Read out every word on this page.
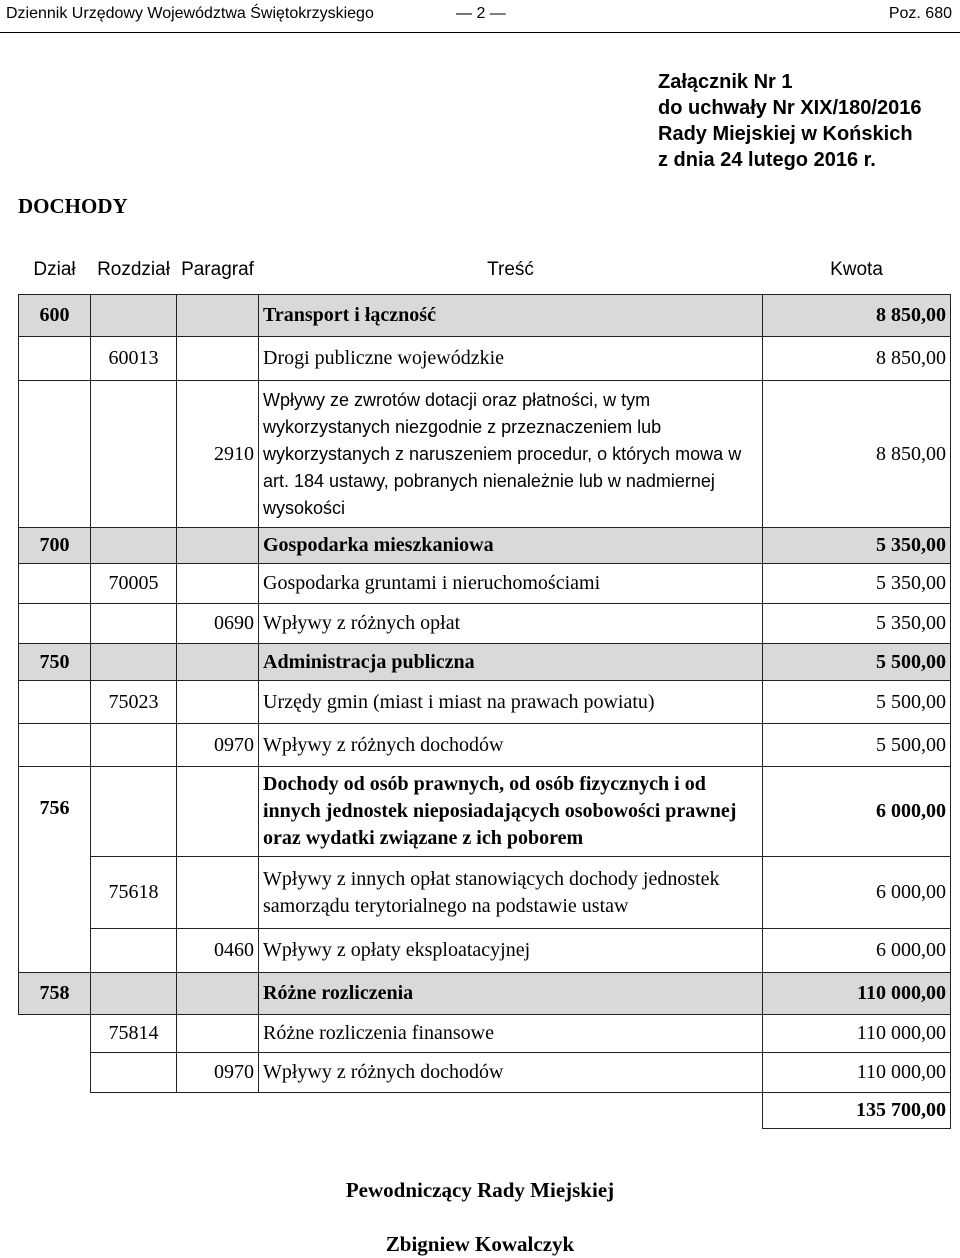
Dziennik Urzędowy Województwa Świętokrzyskiego	— 2 —	Poz. 680
Załącznik Nr 1
do uchwały Nr XIX/180/2016
Rady Miejskiej w Końskich
z dnia 24 lutego 2016 r.
DOCHODY
Dział	Rozdział	Paragraf	Treść	Kwota
600			Transport i łączność	8 850,00
	60013		Drogi publiczne wojewódzkie	8 850,00
		2910	Wpływy ze zwrotów dotacji oraz płatności, w tym wykorzystanych niezgodnie z przeznaczeniem lub wykorzystanych z naruszeniem procedur, o których mowa w art. 184 ustawy, pobranych nienależnie lub w nadmiernej wysokości	8 850,00
700			Gospodarka mieszkaniowa	5 350,00
	70005		Gospodarka gruntami i nieruchomościami	5 350,00
		0690	Wpływy z różnych opłat	5 350,00
750			Administracja publiczna	5 500,00
	75023		Urzędy gmin (miast i miast na prawach powiatu)	5 500,00
		0970	Wpływy z różnych dochodów	5 500,00
756			Dochody od osób prawnych, od osób fizycznych i od innych jednostek nieposiadających osobowości prawnej oraz wydatki związane z ich poborem	6 000,00
	75618		Wpływy z innych opłat stanowiących dochody jednostek samorządu terytorialnego na podstawie ustaw	6 000,00
		0460	Wpływy z opłaty eksploatacyjnej	6 000,00
758			Różne rozliczenia	110 000,00
	75814		Różne rozliczenia finansowe	110 000,00
		0970	Wpływy z różnych dochodów	110 000,00
				135 700,00
Pewodniczący Rady Miejskiej
Zbigniew Kowalczyk
